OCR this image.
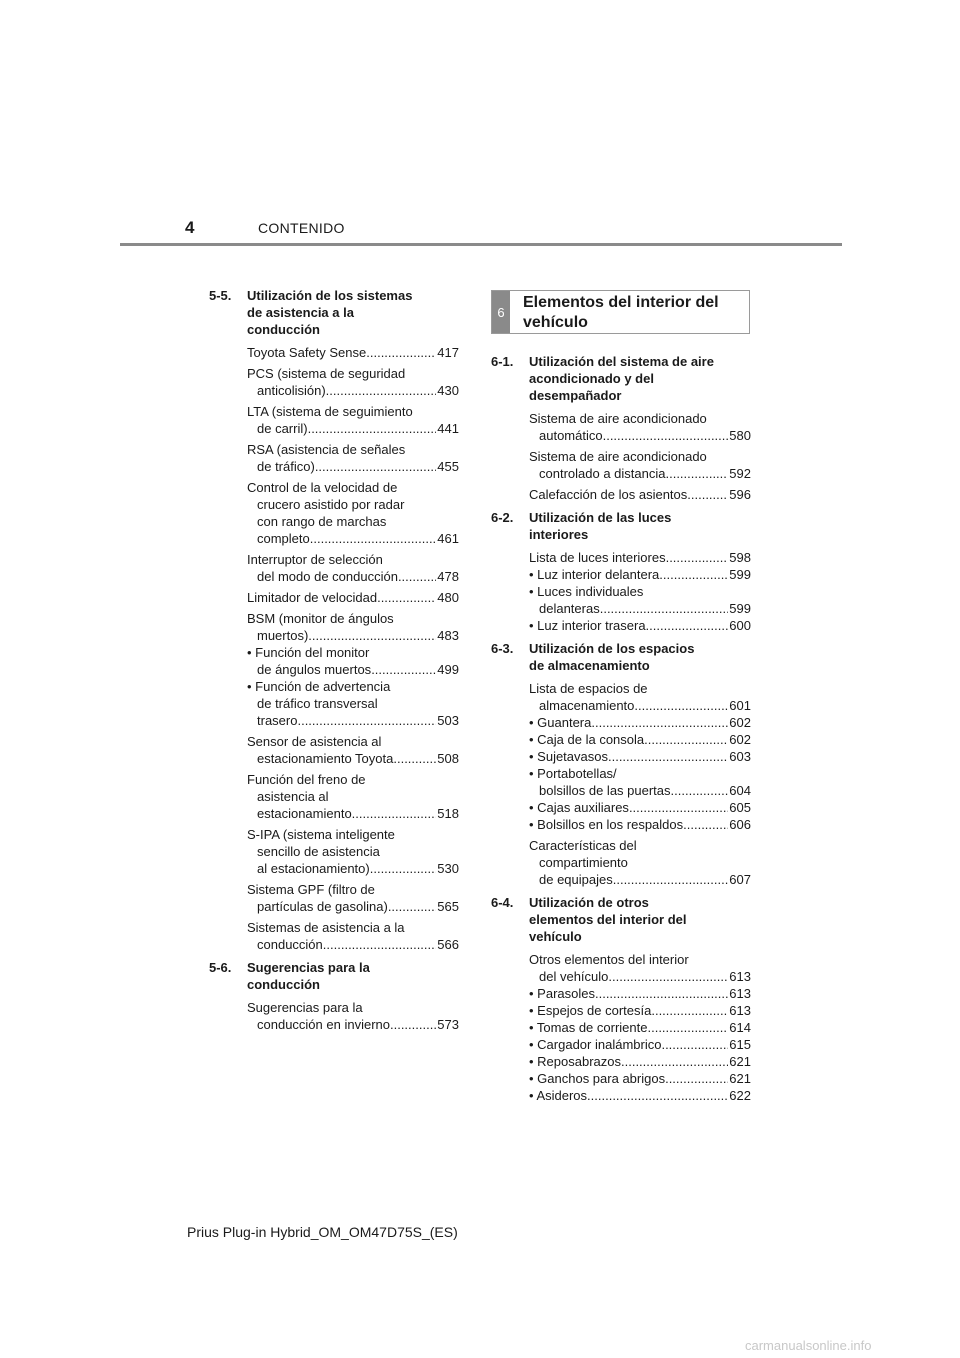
4	CONTENIDO
5-5.	Utilización de los sistemas
de asistencia a la
conducción
Toyota Safety Sense .....	417
PCS (sistema de seguridad
anticolisión) .....	430
LTA (sistema de seguimiento
de carril) .....	441
RSA (asistencia de señales
de tráfico) .....	455
Control de la velocidad de
crucero asistido por radar
con rango de marchas
completo .....	461
Interruptor de selección
del modo de conducción .....	478
Limitador de velocidad .....	480
BSM (monitor de ángulos
muertos) .....	483
• Función del monitor
de ángulos muertos .....	499
• Función de advertencia
de tráfico transversal
trasero .....	503
Sensor de asistencia al
estacionamiento Toyota .....	508
Función del freno de
asistencia al
estacionamiento .....	518
S-IPA (sistema inteligente
sencillo de asistencia
al estacionamiento) .....	530
Sistema GPF (filtro de
partículas de gasolina) .....	565
Sistemas de asistencia a la
conducción .....	566
5-6.	Sugerencias para la
conducción
Sugerencias para la
conducción en invierno .....	573
6
Elementos del interior del
vehículo
6-1.	Utilización del sistema de aire
acondicionado y del
desempañador
Sistema de aire acondicionado
automático .....	580
Sistema de aire acondicionado
controlado a distancia .....	592
Calefacción de los asientos .....	596
6-2.	Utilización de las luces
interiores
Lista de luces interiores .....	598
• Luz interior delantera .....	599
• Luces individuales
delanteras .....	599
• Luz interior trasera .....	600
6-3.	Utilización de los espacios
de almacenamiento
Lista de espacios de
almacenamiento .....	601
• Guantera .....	602
• Caja de la consola .....	602
• Sujetavasos .....	603
• Portabotellas/
bolsillos de las puertas .....	604
• Cajas auxiliares .....	605
• Bolsillos en los respaldos .....	606
Características del
compartimiento
de equipajes .....	607
6-4.	Utilización de otros
elementos del interior del
vehículo
Otros elementos del interior
del vehículo .....	613
• Parasoles .....	613
• Espejos de cortesía .....	613
• Tomas de corriente .....	614
• Cargador inalámbrico .....	615
• Reposabrazos .....	621
• Ganchos para abrigos .....	621
• Asideros .....	622
Prius Plug-in Hybrid_OM_OM47D75S_(ES)
carmanualsonline.info
